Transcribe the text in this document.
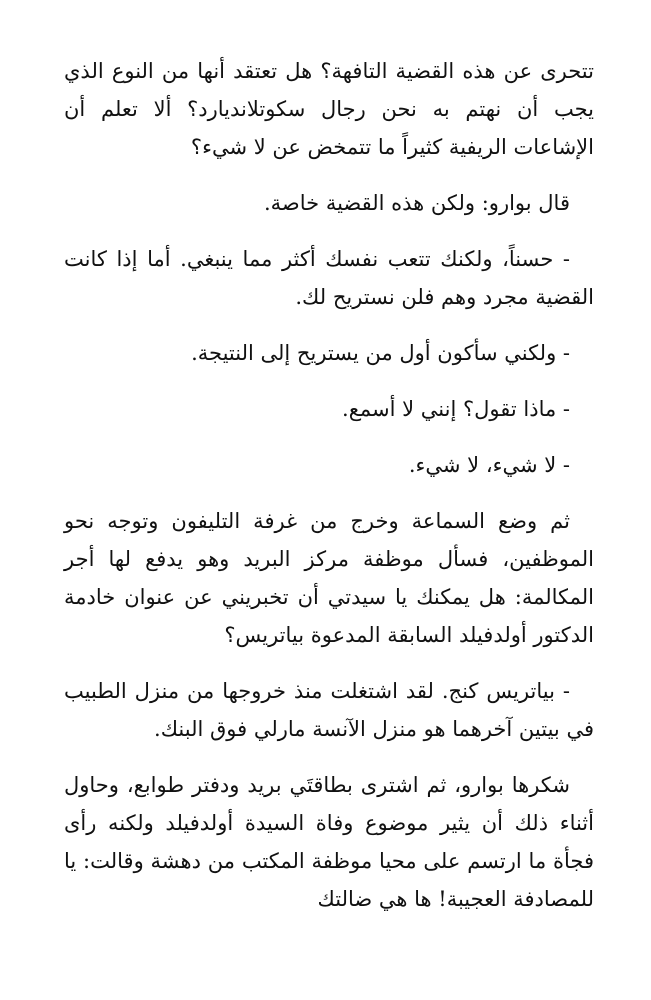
تتحرى عن هذه القضية التافهة؟ هل تعتقد أنها من النوع الذي يجب أن نهتم به نحن رجال سكوتلانديارد؟ ألا تعلم أن الإشاعات الريفية كثيراً ما تتمخض عن لا شيء؟

قال بوارو: ولكن هذه القضية خاصة.

- حسناً، ولكنك تتعب نفسك أكثر مما ينبغي. أما إذا كانت القضية مجرد وهم فلن نستريح لك.

- ولكني سأكون أول من يستريح إلى النتيجة.

- ماذا تقول؟ إنني لا أسمع.

- لا شيء، لا شيء.

ثم وضع السماعة وخرج من غرفة التليفون وتوجه نحو الموظفين، فسأل موظفة مركز البريد وهو يدفع لها أجر المكالمة: هل يمكنك يا سيدتي أن تخبريني عن عنوان خادمة الدكتور أولدفيلد السابقة المدعوة بياتريس؟

- بياتريس كنج. لقد اشتغلت منذ خروجها من منزل الطبيب في بيتين آخرهما هو منزل الآنسة مارلي فوق البنك.

شكرها بوارو، ثم اشترى بطاقتَي بريد ودفتر طوابع، وحاول أثناء ذلك أن يثير موضوع وفاة السيدة أولدفيلد ولكنه رأى فجأة ما ارتسم على محيا موظفة المكتب من دهشة وقالت: يا للمصادفة العجيبة! ها هي ضالتك
